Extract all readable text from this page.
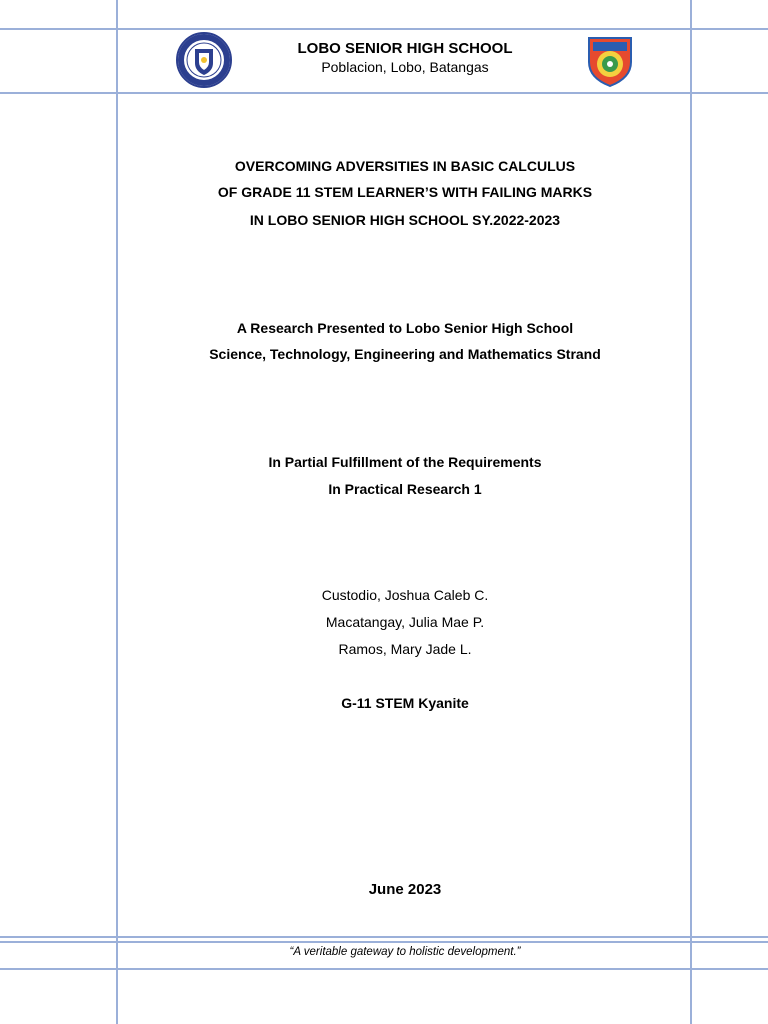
LOBO SENIOR HIGH SCHOOL
Poblacion, Lobo, Batangas
OVERCOMING ADVERSITIES IN BASIC CALCULUS
OF GRADE 11 STEM LEARNER’S WITH FAILING MARKS
IN LOBO SENIOR HIGH SCHOOL SY.2022-2023
A Research Presented to Lobo Senior High School
Science, Technology, Engineering and Mathematics Strand
In Partial Fulfillment of the Requirements
In Practical Research 1
Custodio, Joshua Caleb C.
Macatangay, Julia Mae P.
Ramos, Mary Jade L.
G-11 STEM Kyanite
June 2023
“A veritable gateway to holistic development.”
